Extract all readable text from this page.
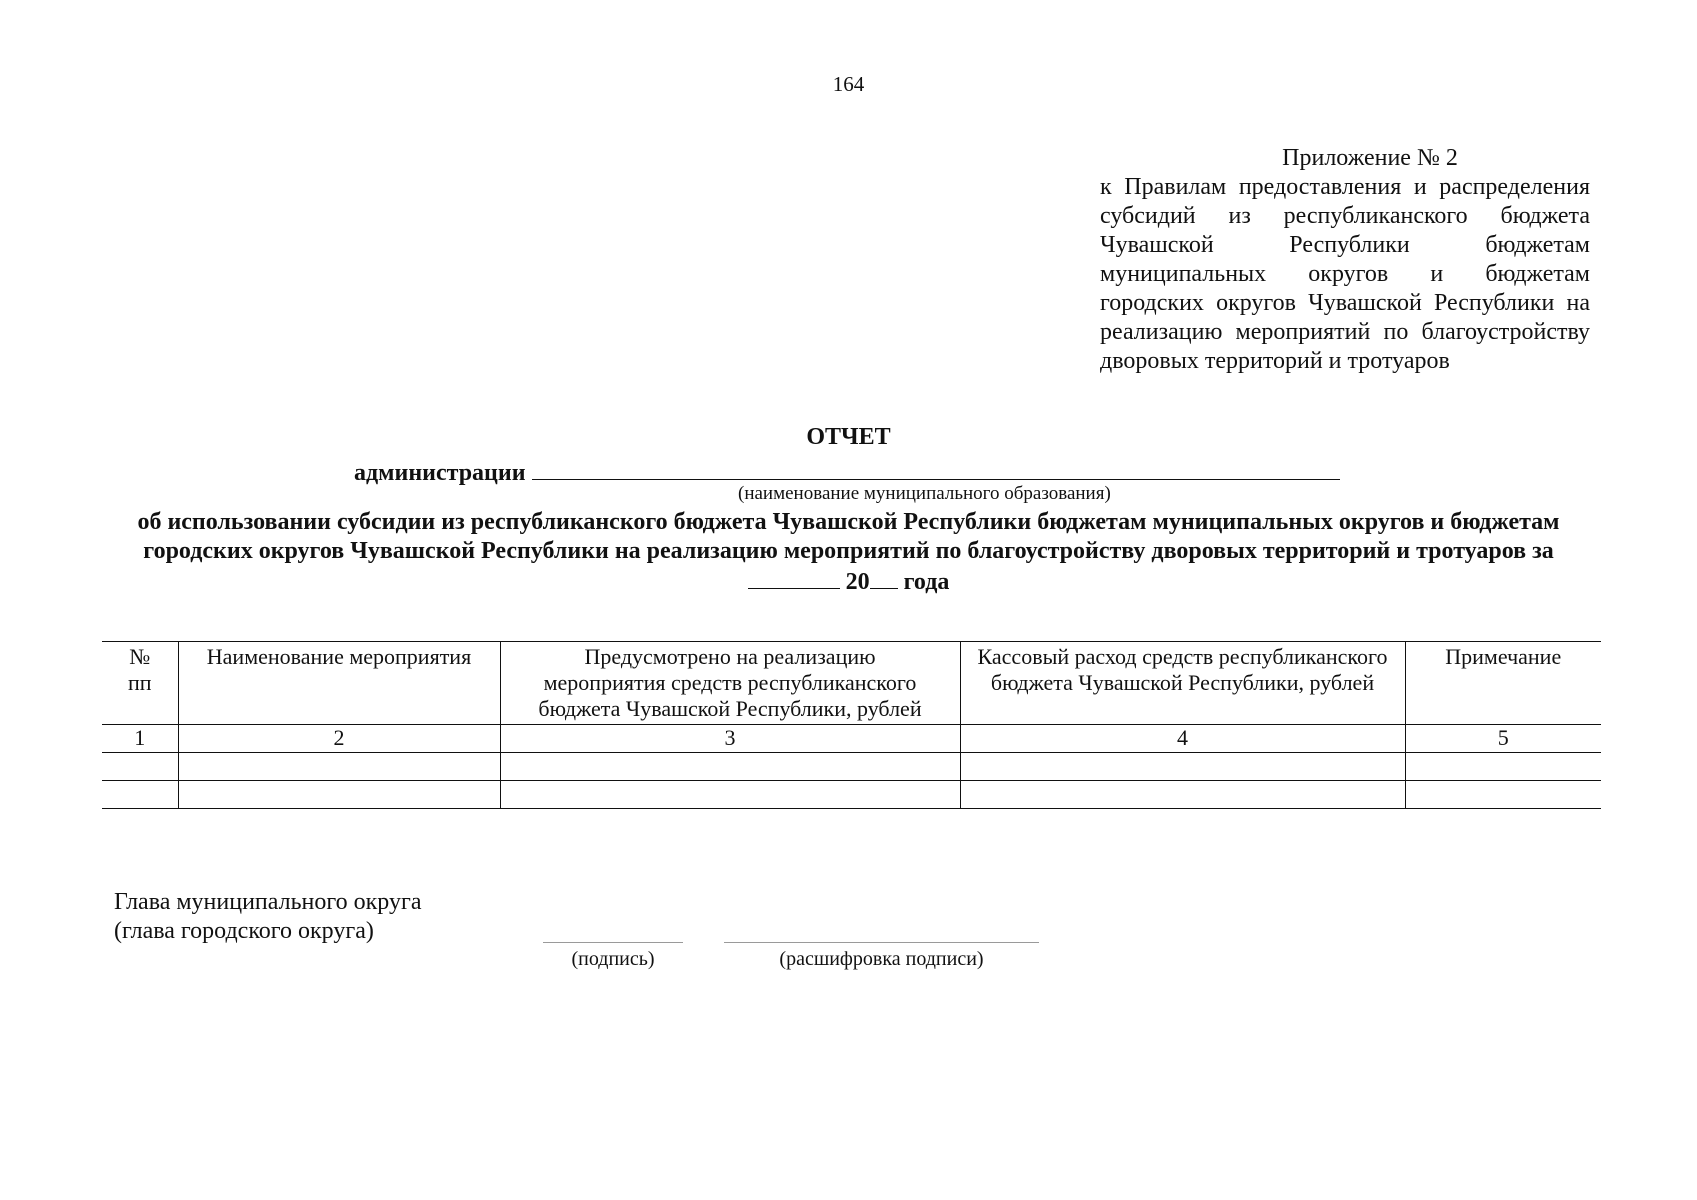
164
Приложение № 2
к Правилам предоставления и распределения субсидий из республиканского бюджета Чувашской Республики бюджетам муниципальных округов и бюджетам городских округов Чувашской Республики на реализацию мероприятий по благоустройству дворовых территорий и тротуаров
ОТЧЕТ
администрации
(наименование муниципального образования)
об использовании субсидии из республиканского бюджета Чувашской Республики бюджетам муниципальных округов и бюджетам городских округов Чувашской Республики на реализацию мероприятий по благоустройству дворовых территорий и тротуаров за  20 года
№ пп	Наименование мероприятия	Предусмотрено на реализацию мероприятия средств республиканского бюджета Чувашской Республики, рублей	Кассовый расход средств республиканского бюджета Чувашской Республики, рублей	Примечание
1	2	3	4	5

Глава муниципального округа
(глава городского округа)
(подпись)	(расшифровка подписи)
